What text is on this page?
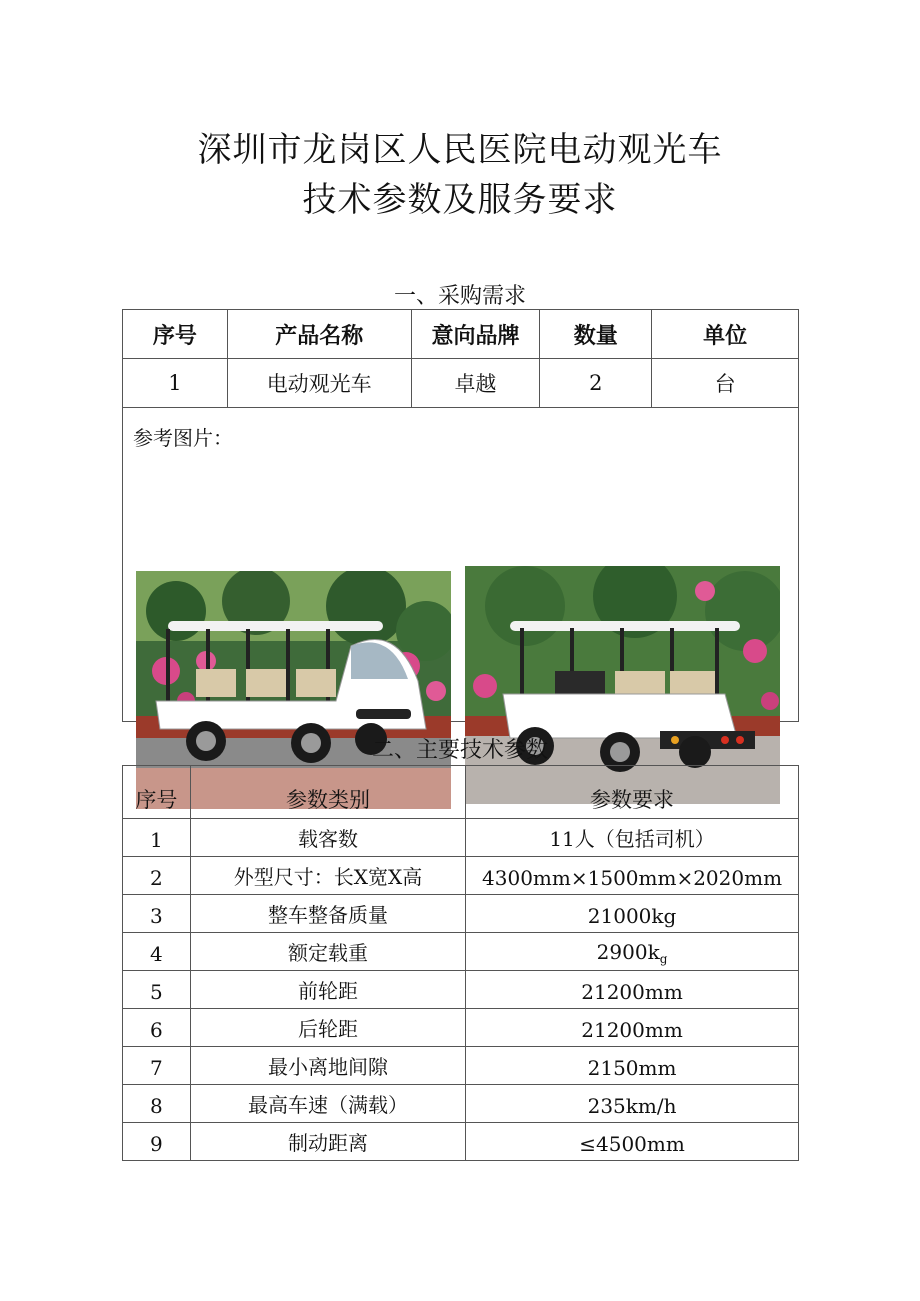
深圳市龙岗区人民医院电动观光车
技术参数及服务要求
一、采购需求
序号	产品名称	意向品牌	数量	单位
1	电动观光车	卓越	2	台

参考图片：				
二、主要技术参数
序号	参数类别	参数要求
1	载客数	11人（包括司机）
2	外型尺寸：长X宽X高	4300mm×1500mm×2020mm
3	整车整备质量	21000kg
4	额定载重	$2900k_g$
5	前轮距	21200mm
6	后轮距	21200mm
7	最小离地间隙	2150mm
8	最高车速（满载）	235km/h
9	制动距离	≤4500mm
